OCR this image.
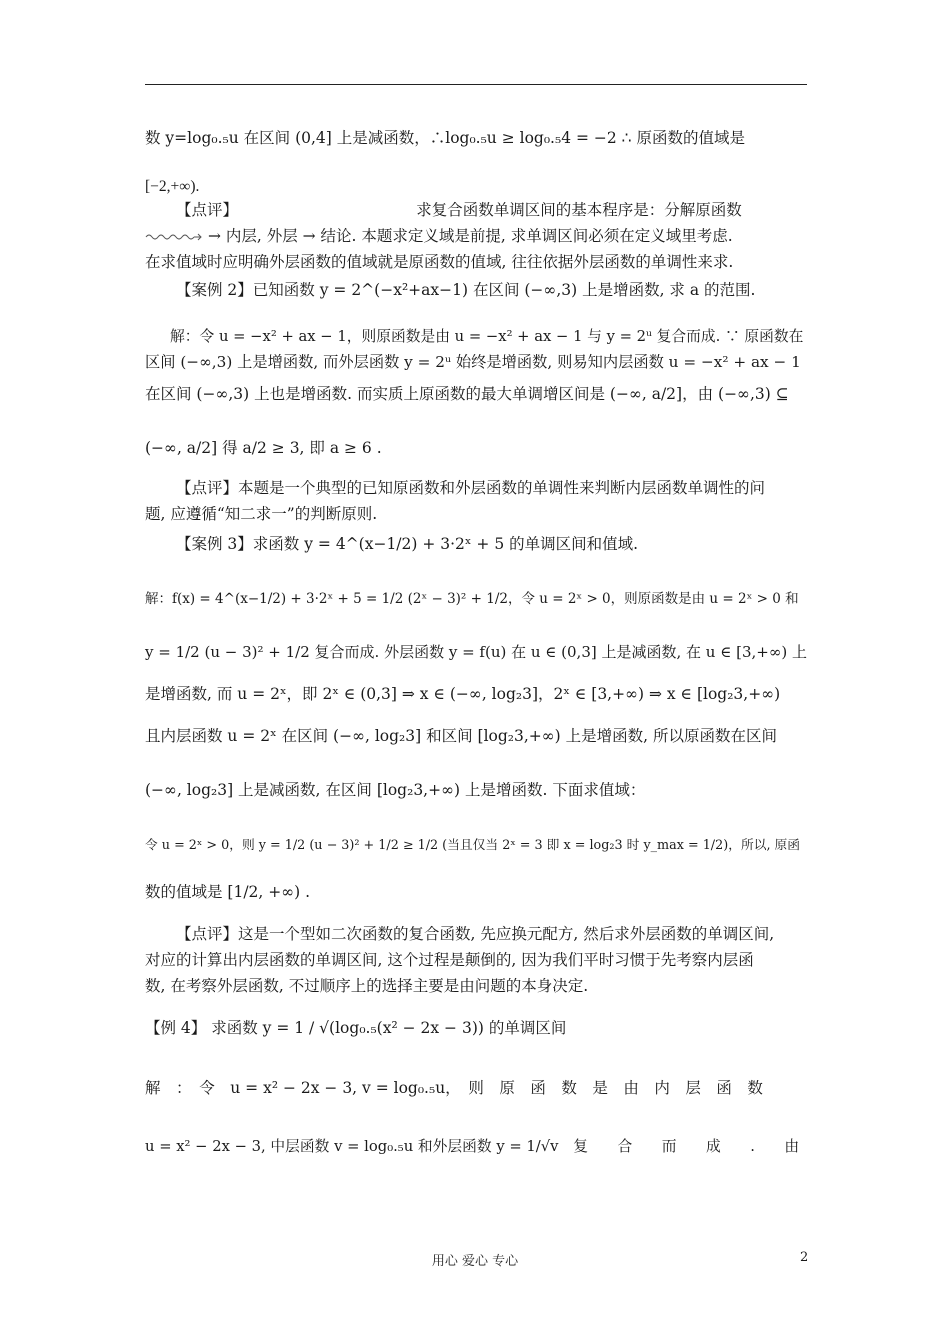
数 y=log₀.₅u 在区间 (0,4] 上是减函数，∴log₀.₅u ≥ log₀.₅4 = −2 ∴ 原函数的值域是
[−2,+∞).
【点评】　　　　　　　　　　　　求复合函数单调区间的基本程序是：分解原函数
→ 内层, 外层 → 结论. 本题求定义域是前提, 求单调区间必须在定义域里考虑.
在求值域时应明确外层函数的值域就是原函数的值域, 往往依据外层函数的单调性来求.
【案例 2】已知函数 y = 2^(−x²+ax−1) 在区间 (−∞,3) 上是增函数, 求 a 的范围.
解：令 u = −x² + ax − 1，则原函数是由 u = −x² + ax − 1 与 y = 2ᵘ 复合而成. ∵ 原函数在
区间 (−∞,3) 上是增函数, 而外层函数 y = 2ᵘ 始终是增函数, 则易知内层函数 u = −x² + ax − 1
在区间 (−∞,3) 上也是增函数. 而实质上原函数的最大单调增区间是 (−∞, a/2]，由 (−∞,3) ⊆
(−∞, a/2] 得 a/2 ≥ 3, 即 a ≥ 6 .
【点评】本题是一个典型的已知原函数和外层函数的单调性来判断内层函数单调性的问
题, 应遵循“知二求一”的判断原则.
【案例 3】求函数 y = 4^(x−1/2) + 3·2ˣ + 5 的单调区间和值域.
解：f(x) = 4^(x−1/2) + 3·2ˣ + 5 = 1/2 (2ˣ − 3)² + 1/2，令 u = 2ˣ > 0，则原函数是由 u = 2ˣ > 0 和
y = 1/2 (u − 3)² + 1/2 复合而成. 外层函数 y = f(u) 在 u ∈ (0,3] 上是减函数, 在 u ∈ [3,+∞) 上
是增函数, 而 u = 2ˣ，即 2ˣ ∈ (0,3] ⇒ x ∈ (−∞, log₂3]，2ˣ ∈ [3,+∞) ⇒ x ∈ [log₂3,+∞)
且内层函数 u = 2ˣ 在区间 (−∞, log₂3] 和区间 [log₂3,+∞) 上是增函数, 所以原函数在区间
(−∞, log₂3] 上是减函数, 在区间 [log₂3,+∞) 上是增函数. 下面求值域：
令 u = 2ˣ > 0，则 y = 1/2 (u − 3)² + 1/2 ≥ 1/2 (当且仅当 2ˣ = 3 即 x = log₂3 时 y_max = 1/2)，所以, 原函
数的值域是 [1/2, +∞) .
【点评】这是一个型如二次函数的复合函数, 先应换元配方, 然后求外层函数的单调区间,
对应的计算出内层函数的单调区间, 这个过程是颠倒的, 因为我们平时习惯于先考察内层函
数, 在考察外层函数, 不过顺序上的选择主要是由问题的本身决定.
【例 4】 求函数 y = 1 / √(log₀.₅(x² − 2x − 3)) 的单调区间
解　：　令　u = x² − 2x − 3, v = log₀.₅u，　则　原　函　数　是　由　内　层　函　数
u = x² − 2x − 3, 中层函数 v = log₀.₅u 和外层函数 y = 1/√v　复　　合　　而　　成　　.　　由
用心 爱心 专心	2
